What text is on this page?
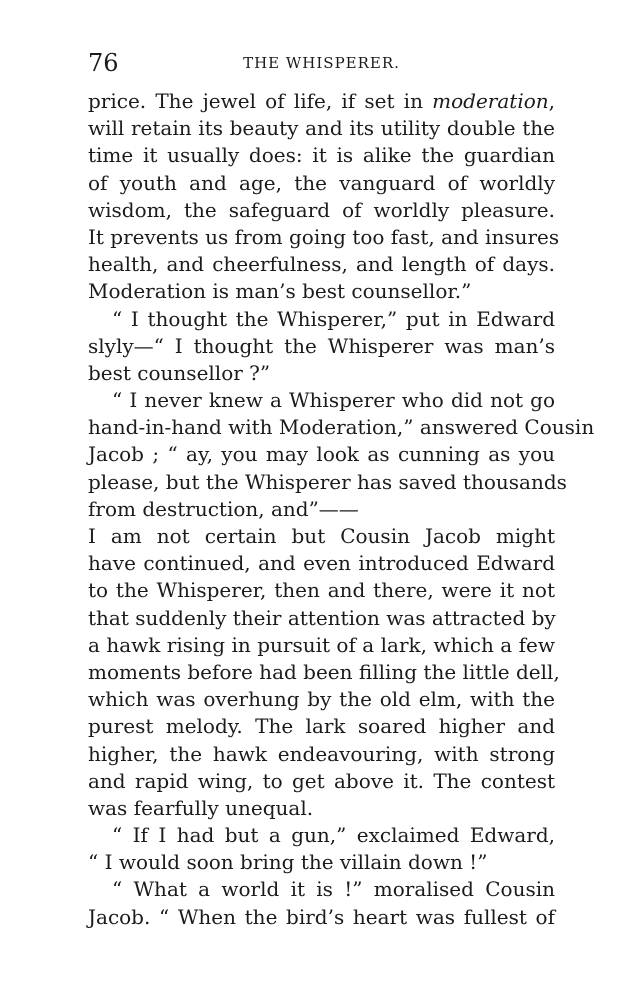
76	THE WHISPERER.
price. The jewel of life, if set in moderation,
will retain its beauty and its utility double the
time it usually does: it is alike the guardian
of youth and age, the vanguard of worldly
wisdom, the safeguard of worldly pleasure.
It prevents us from going too fast, and insures
health, and cheerfulness, and length of days.
Moderation is man’s best counsellor.”
“ I thought the Whisperer,” put in Edward
slyly—“ I thought the Whisperer was man’s
best counsellor ?”
“ I never knew a Whisperer who did not go
hand-in-hand with Moderation,” answered Cousin
Jacob ; “ ay, you may look as cunning as you
please, but the Whisperer has saved thousands
from destruction, and”——
I am not certain but Cousin Jacob might
have continued, and even introduced Edward
to the Whisperer, then and there, were it not
that suddenly their attention was attracted by
a hawk rising in pursuit of a lark, which a few
moments before had been filling the little dell,
which was overhung by the old elm, with the
purest melody. The lark soared higher and
higher, the hawk endeavouring, with strong
and rapid wing, to get above it. The contest
was fearfully unequal.
“ If I had but a gun,” exclaimed Edward,
“ I would soon bring the villain down !”
“ What a world it is !” moralised Cousin
Jacob. “ When the bird’s heart was fullest of
